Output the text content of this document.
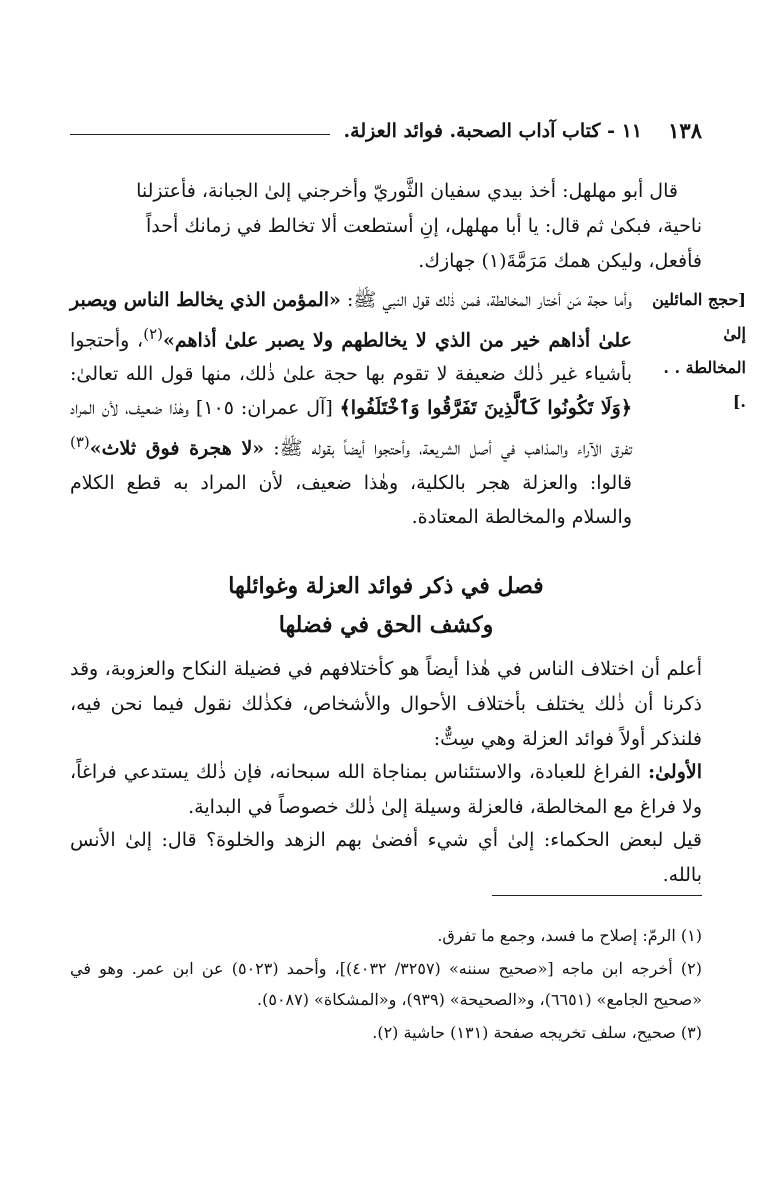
١٣٨
١١ - كتاب آداب الصحبة. فوائد العزلة.
قال أبو مهلهل: أخذ بيدي سفيان الثَّوريّ وأخرجني إلىٰ الجبانة، فأعتزلنا
ناحية، فبكىٰ ثم قال: يا أبا مهلهل، إنِ أستطعت ألا تخالط في زمانك أحداً
فأفعل، وليكن همك مَرَمَّةَ(١) جهازك.
[حجج المائلين
إلىٰ
المخالطة . . .]
وأما حجة مَن أختار المخالطة، فمن ذٰلك قول النبي ﷺ: «المؤمن الذي يخالط الناس ويصبر علىٰ أذاهم خير من الذي لا يخالطهم ولا يصبر علىٰ أذاهم»$^{(٢)}$، وأحتجوا بأشياء غير ذٰلك ضعيفة لا تقوم بها حجة علىٰ ذٰلك، منها قول الله تعالىٰ: ﴿وَلَا تَكُونُوا كَٱلَّذِينَ تَفَرَّقُوا وَٱخْتَلَفُوا﴾ [آل عمران: ١٠٥] وهٰذا ضعيف، لأن المراد تفرق الآراء والمذاهب في أصل الشريعة، وأحتجوا أيضاً بقوله ﷺ: «لا هجرة فوق ثلاث»$^{(٣)}$ قالوا: والعزلة هجر بالكلية، وهٰذا ضعيف، لأن المراد به قطع الكلام والسلام والمخالطة المعتادة.
فصل في ذكر فوائد العزلة وغوائلها
وكشف الحق في فضلها
أعلم أن اختلاف الناس في هٰذا أيضاً هو كأختلافهم في فضيلة النكاح والعزوبة، وقد ذكرنا أن ذٰلك يختلف بأختلاف الأحوال والأشخاص، فكذٰلك نقول فيما نحن فيه، فلنذكر أولاً فوائد العزلة وهي سِتٌّ:
الأولىٰ: الفراغ للعبادة، والاستئناس بمناجاة الله سبحانه، فإن ذٰلك يستدعي فراغاً، ولا فراغ مع المخالطة، فالعزلة وسيلة إلىٰ ذٰلك خصوصاً في البداية.
قيل لبعض الحكماء: إلىٰ أي شيء أفضىٰ بهم الزهد والخلوة؟ قال: إلىٰ الأنس بالله.
(١) الرمّ: إصلاح ما فسد، وجمع ما تفرق.
(٢) أخرجه ابن ماجه [«صحيح سننه» (٣٢٥٧/ ٤٠٣٢)]، وأحمد (٥٠٢٣) عن ابن عمر. وهو في «صحيح الجامع» (٦٦٥١)، و«الصحيحة» (٩٣٩)، و«المشكاة» (٥٠٨٧).
(٣) صحيح، سلف تخريجه صفحة (١٣١) حاشية (٢).
